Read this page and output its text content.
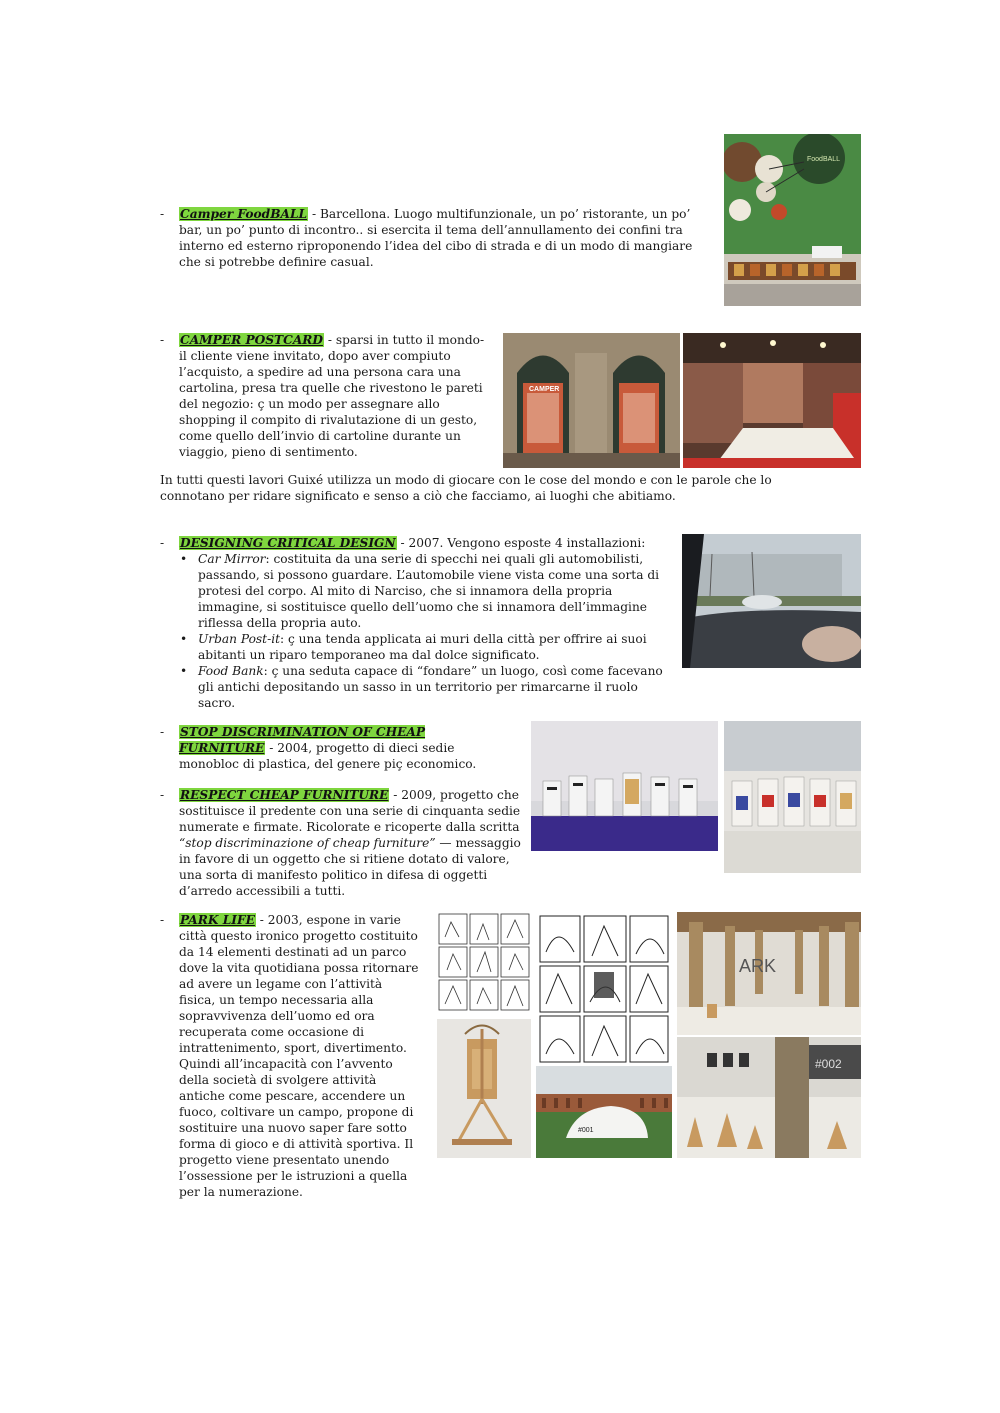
- Camper FoodBALL - Barcellona. Luogo multifunzionale, un po’ ristorante, un po’ bar, un po’ punto di incontro.. si esercita il tema dell’annullamento dei confini tra interno ed esterno riproponendo l’idea del cibo di strada e di un modo di mangiare che si potrebbe definire casual.
FoodBALL
- CAMPER POSTCARD - sparsi in tutto il mondo- il cliente viene invitato, dopo aver compiuto l’acquisto, a spedire ad una persona cara una cartolina, presa tra quelle che rivestono le pareti del negozio: ç un modo per assegnare allo shopping il compito di rivalutazione di un gesto, come quello dell’invio di cartoline durante un viaggio, pieno di sentimento.
CAMPER
In tutti questi lavori Guixé utilizza un modo di giocare con le cose del mondo e con le parole che lo connotano per ridare significato e senso a ciò che facciamo, ai luoghi che abitiamo.
- DESIGNING CRITICAL DESIGN - 2007. Vengono esposte 4 installazioni:
• Car Mirror: costituita da una serie di specchi nei quali gli automobilisti, passando, si possono guardare. L’automobile viene vista come una sorta di protesi del corpo. Al mito di Narciso, che si innamora della propria immagine, si sostituisce quello dell’uomo che si innamora dell’immagine riflessa della propria auto.
• Urban Post-it: ç una tenda applicata ai muri della città per offrire ai suoi abitanti un riparo temporaneo ma dal dolce significato.
• Food Bank: ç una seduta capace di “fondare” un luogo, così come facevano gli antichi depositando un sasso in un territorio per rimarcarne il ruolo sacro.
- STOP DISCRIMINATION OF CHEAP FURNITURE - 2004, progetto di dieci sedie monobloc di plastica, del genere piç economico.
- RESPECT CHEAP FURNITURE - 2009, progetto che sostituisce il predente con una serie di cinquanta sedie numerate e firmate. Ricolorate e ricoperte dalla scritta “stop discriminazione of cheap furniture” — messaggio in favore di un oggetto che si ritiene dotato di valore, una sorta di manifesto politico in difesa di oggetti d’arredo accessibili a tutti.
- PARK LIFE - 2003, espone in varie città questo ironico progetto costituito da 14 elementi destinati ad un parco dove la vita quotidiana possa ritornare ad avere un legame con l’attività fisica, un tempo necessaria alla sopravvivenza dell’uomo ed ora recuperata come occasione di intrattenimento, sport, divertimento. Quindi all’incapacità con l’avvento della società di svolgere attività antiche come pescare, accendere un fuoco, coltivare un campo, propone di sostituire una nuovo saper fare sotto forma di gioco e di attività sportiva. Il progetto viene presentato unendo l’ossessione per le istruzioni a quella per la numerazione.
#001
ARK
#002
